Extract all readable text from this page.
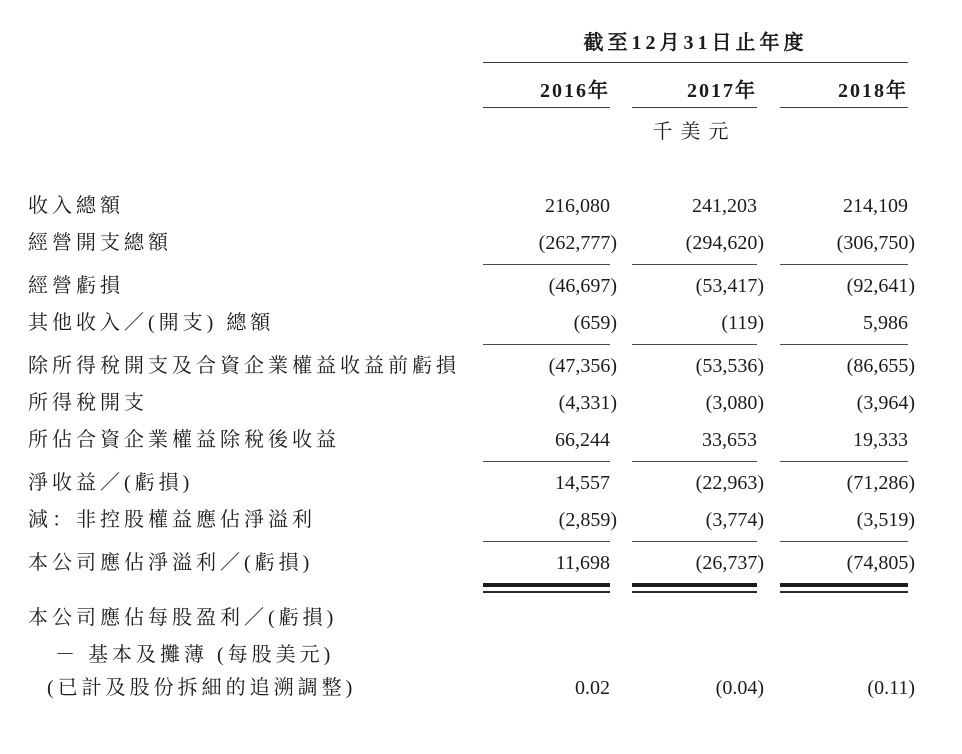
截至12月31日止年度
2016年	2017年	2018年
千美元
收入總額	216,080	241,203	214,109
經營開支總額	(262,777)	(294,620)	(306,750)
經營虧損	(46,697)	(53,417)	(92,641)
其他收入／(開支) 總額	(659)	(119)	5,986
除所得稅開支及合資企業權益收益前虧損	(47,356)	(53,536)	(86,655)
所得稅開支	(4,331)	(3,080)	(3,964)
所佔合資企業權益除稅後收益	66,244	33,653	19,333
淨收益／(虧損)	14,557	(22,963)	(71,286)
減：非控股權益應佔淨溢利	(2,859)	(3,774)	(3,519)
本公司應佔淨溢利／(虧損)	11,698	(26,737)	(74,805)
本公司應佔每股盈利／(虧損)
－ 基本及攤薄 (每股美元)
(已計及股份拆細的追溯調整)	0.02	(0.04)	(0.11)
